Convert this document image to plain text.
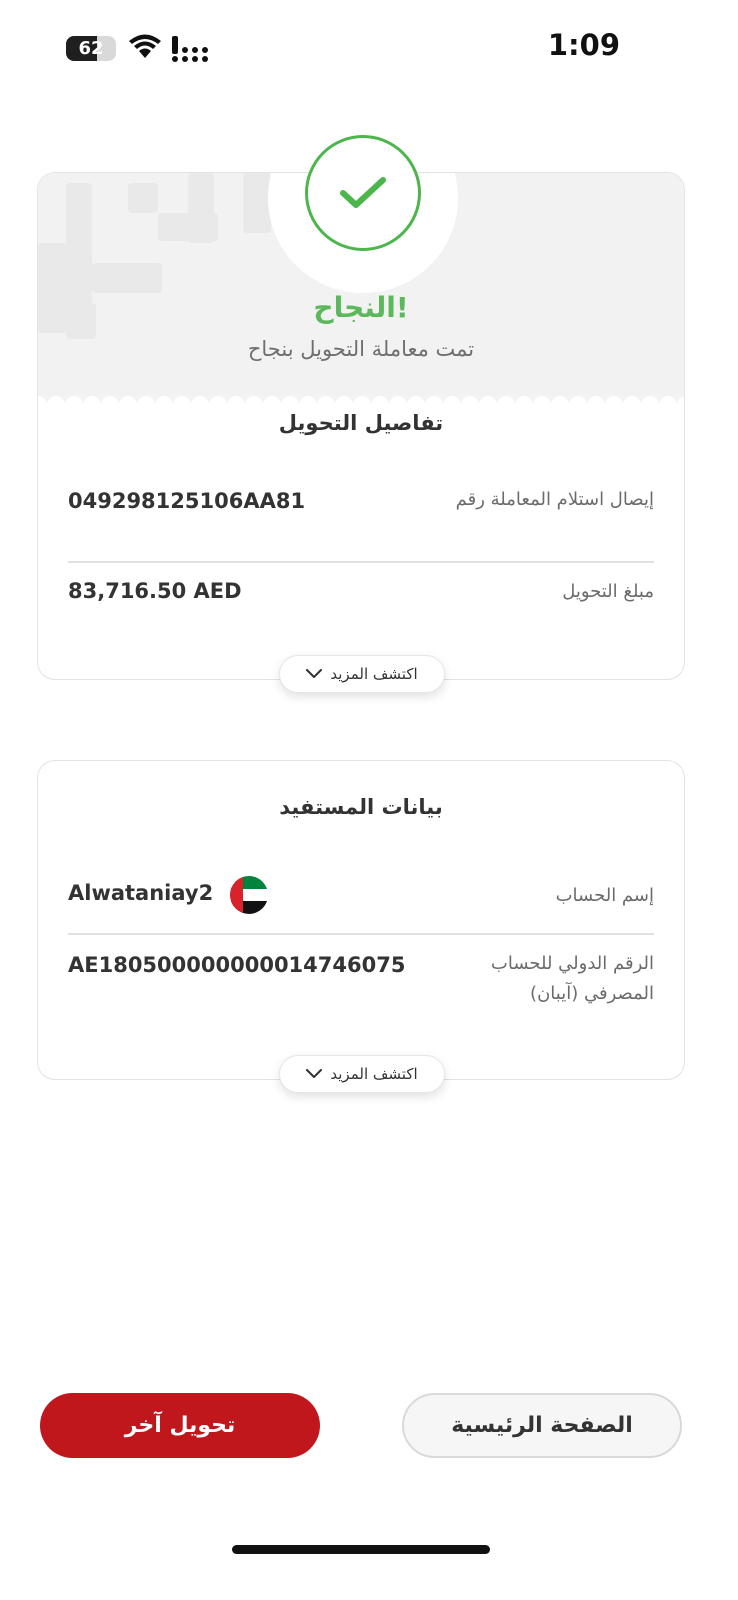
62	1:09
النجاح!
تمت معاملة التحويل بنجاح
تفاصيل التحويل
إيصال استلام المعاملة رقم
049298125106AA81
مبلغ التحويل
83,716.50 AED
اكتشف المزيد
بيانات المستفيد
إسم الحساب
Alwataniay2
الرقم الدولي للحساب المصرفي (آيبان)
AE180500000000014746075
اكتشف المزيد
تحويل آخر	الصفحة الرئيسية
